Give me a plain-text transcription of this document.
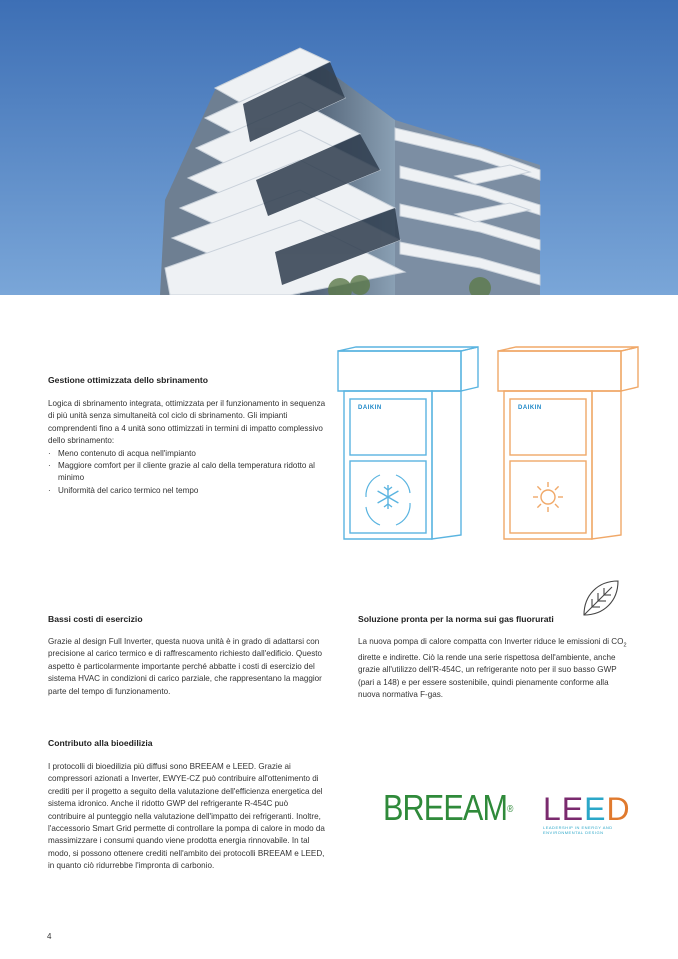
Gestione ottimizzata dello sbrinamento
Logica di sbrinamento integrata, ottimizzata per il funzionamento in sequenza di più unità senza simultaneità col ciclo di sbrinamento. Gli impianti comprendenti fino a 4 unità sono ottimizzati in termini di impatto complessivo dello sbrinamento:
· Meno contenuto di acqua nell'impianto
· Maggiore comfort per il cliente grazie al calo della temperatura ridotto al minimo
· Uniformità del carico termico nel tempo
DAIKIN	DAIKIN
Bassi costi di esercizio

Grazie al design Full Inverter, questa nuova unità è in grado di adattarsi con precisione al carico termico e di raffrescamento richiesto dall'edificio. Questo aspetto è particolarmente importante perché abbatte i costi di esercizio del sistema HVAC in condizioni di carico parziale, che rappresentano la maggior parte del tempo di funzionamento.

Soluzione pronta per la norma sui gas fluorurati

La nuova pompa di calore compatta con Inverter riduce le emissioni di $CO_2$ dirette e indirette. Ciò la rende una serie rispettosa dell'ambiente, anche grazie all'utilizzo dell'R-454C, un refrigerante noto per il suo basso GWP (pari a 148) e per essere sostenibile, quindi pienamente conforme alla nuova normativa F-gas.

Contributo alla bioedilizia

I protocolli di bioedilizia più diffusi sono BREEAM e LEED. Grazie ai compressori azionati a Inverter, EWYE-CZ può contribuire all'ottenimento di crediti per il progetto a seguito della valutazione dell'efficienza energetica del sistema idronico. Anche il ridotto GWP del refrigerante R-454C può contribuire al punteggio nella valutazione dell'impatto dei refrigeranti. Inoltre, l'accessorio Smart Grid permette di controllare la pompa di calore in modo da massimizzare i consumi quando viene prodotta energia rinnovabile. In tal modo, si possono ottenere crediti nell'ambito dei protocolli BREEAM e LEED, in quanto ciò ridurrebbe l'impronta di carbonio.

BREEAM® LEED
LEADERSHIP IN ENERGY AND ENVIRONMENTAL DESIGN
4
